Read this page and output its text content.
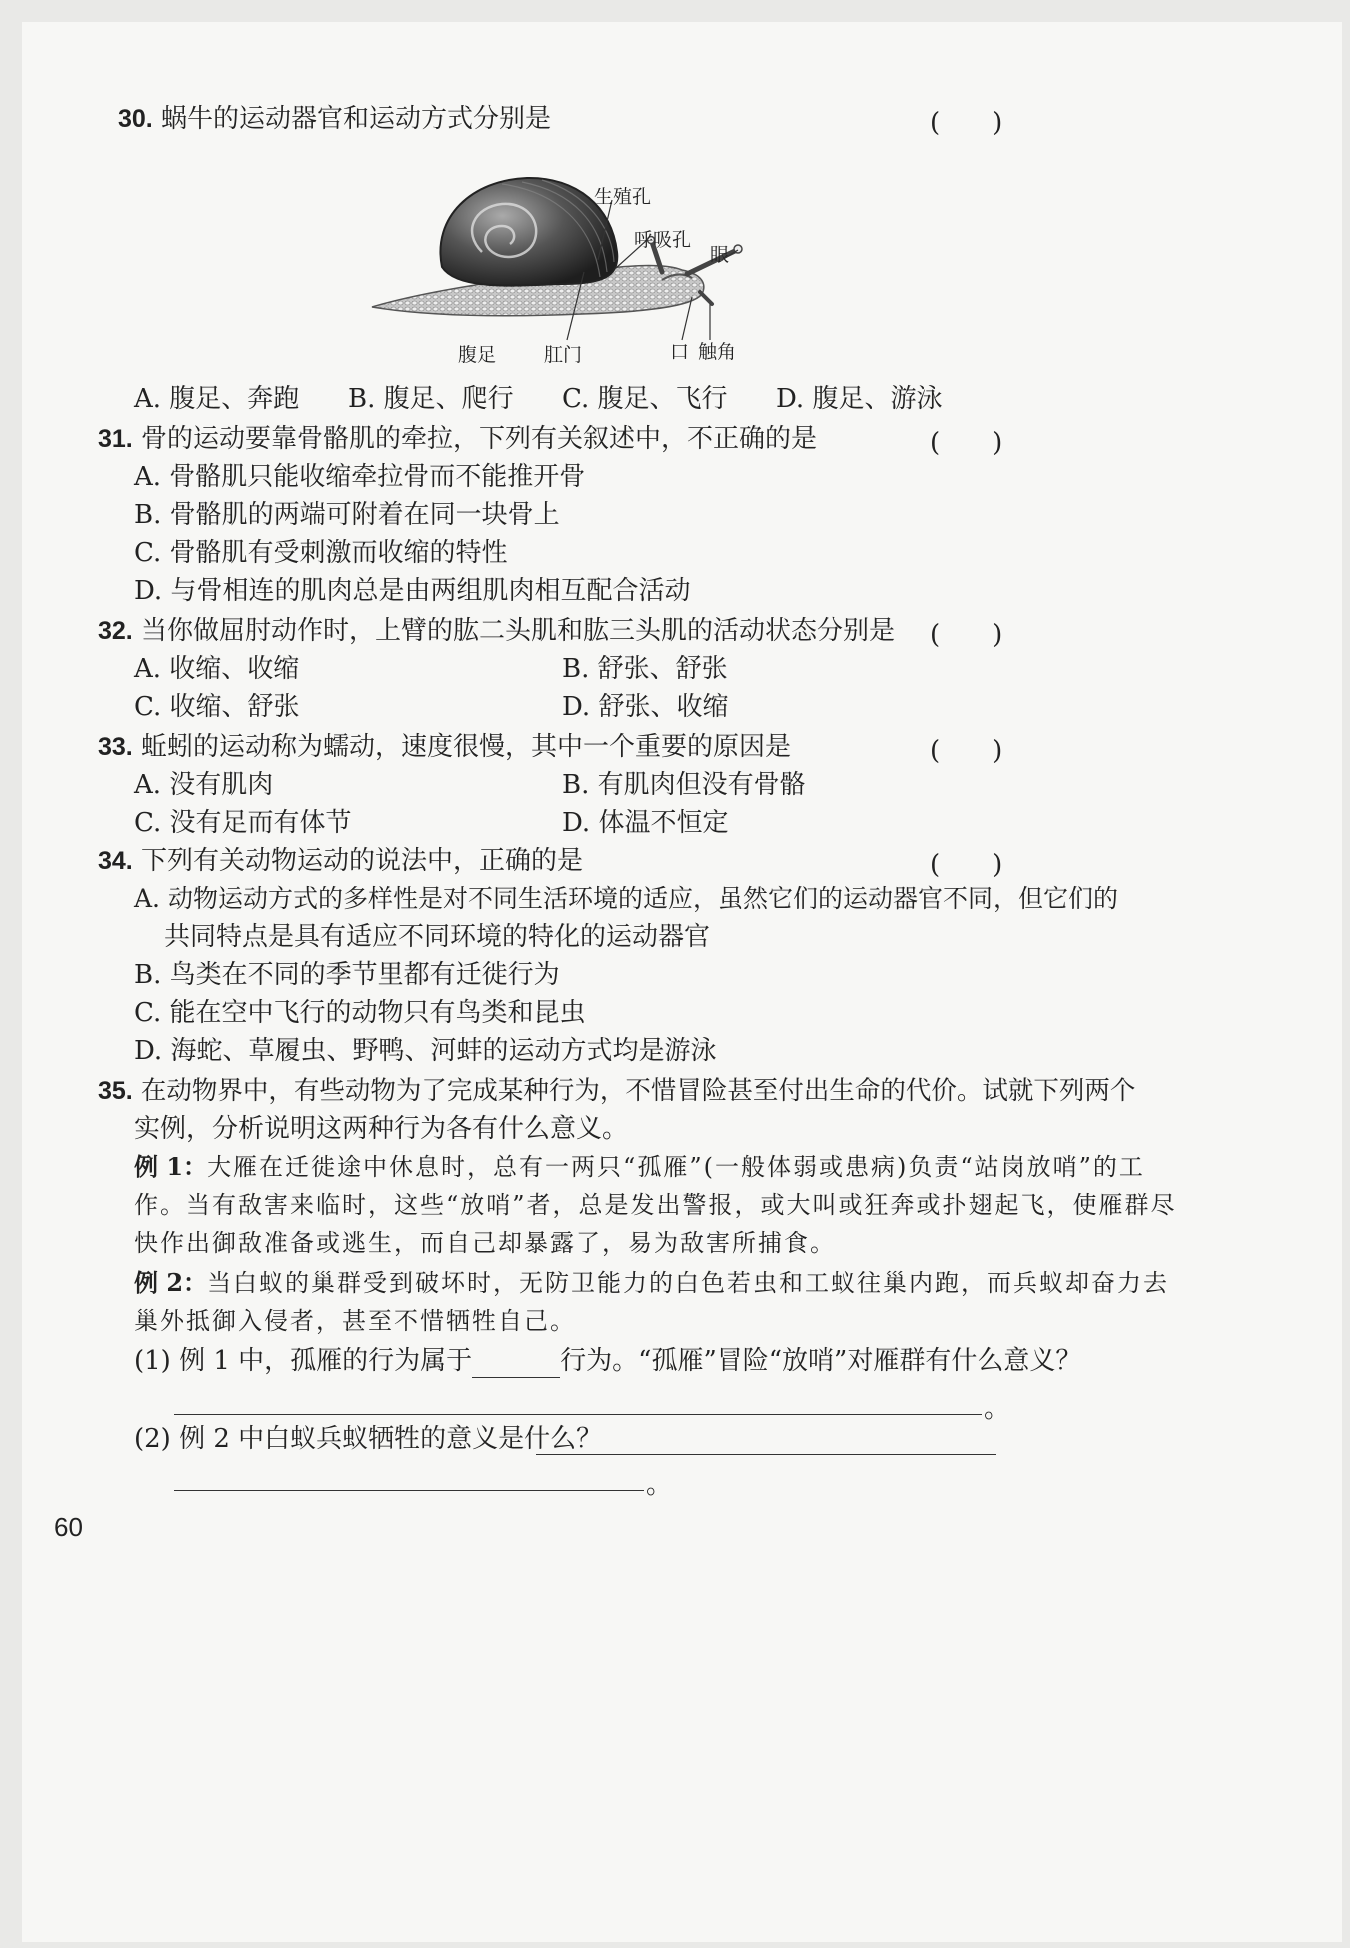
30. 蜗牛的运动器官和运动方式分别是	(　　)
生殖孔
呼吸孔
眼
腹足	肛门	口 触角
A. 腹足、奔跑 B. 腹足、爬行 C. 腹足、飞行 D. 腹足、游泳
31. 骨的运动要靠骨骼肌的牵拉，下列有关叙述中，不正确的是	(　　)
A. 骨骼肌只能收缩牵拉骨而不能推开骨
B. 骨骼肌的两端可附着在同一块骨上
C. 骨骼肌有受刺激而收缩的特性
D. 与骨相连的肌肉总是由两组肌肉相互配合活动
32. 当你做屈肘动作时，上臂的肱二头肌和肱三头肌的活动状态分别是 (　　)
A. 收缩、收缩	B. 舒张、舒张
C. 收缩、舒张	D. 舒张、收缩
33. 蚯蚓的运动称为蠕动，速度很慢，其中一个重要的原因是	(　　)
A. 没有肌肉	B. 有肌肉但没有骨骼
C. 没有足而有体节	D. 体温不恒定
34. 下列有关动物运动的说法中，正确的是	(　　)
A. 动物运动方式的多样性是对不同生活环境的适应，虽然它们的运动器官不同，但它们的
共同特点是具有适应不同环境的特化的运动器官
B. 鸟类在不同的季节里都有迁徙行为
C. 能在空中飞行的动物只有鸟类和昆虫
D. 海蛇、草履虫、野鸭、河蚌的运动方式均是游泳
35. 在动物界中，有些动物为了完成某种行为，不惜冒险甚至付出生命的代价。试就下列两个
实例，分析说明这两种行为各有什么意义。
例 1：大雁在迁徙途中休息时，总有一两只“孤雁”(一般体弱或患病)负责“站岗放哨”的工
作。当有敌害来临时，这些“放哨”者，总是发出警报，或大叫或狂奔或扑翅起飞，使雁群尽
快作出御敌准备或逃生，而自己却暴露了，易为敌害所捕食。
例 2：当白蚁的巢群受到破坏时，无防卫能力的白色若虫和工蚁往巢内跑，而兵蚁却奋力去
巢外抵御入侵者，甚至不惜牺牲自己。
(1) 例 1 中，孤雁的行为属于	行为。“孤雁”冒险“放哨”对雁群有什么意义？
。
(2) 例 2 中白蚁兵蚁牺牲的意义是什么？
。
60
